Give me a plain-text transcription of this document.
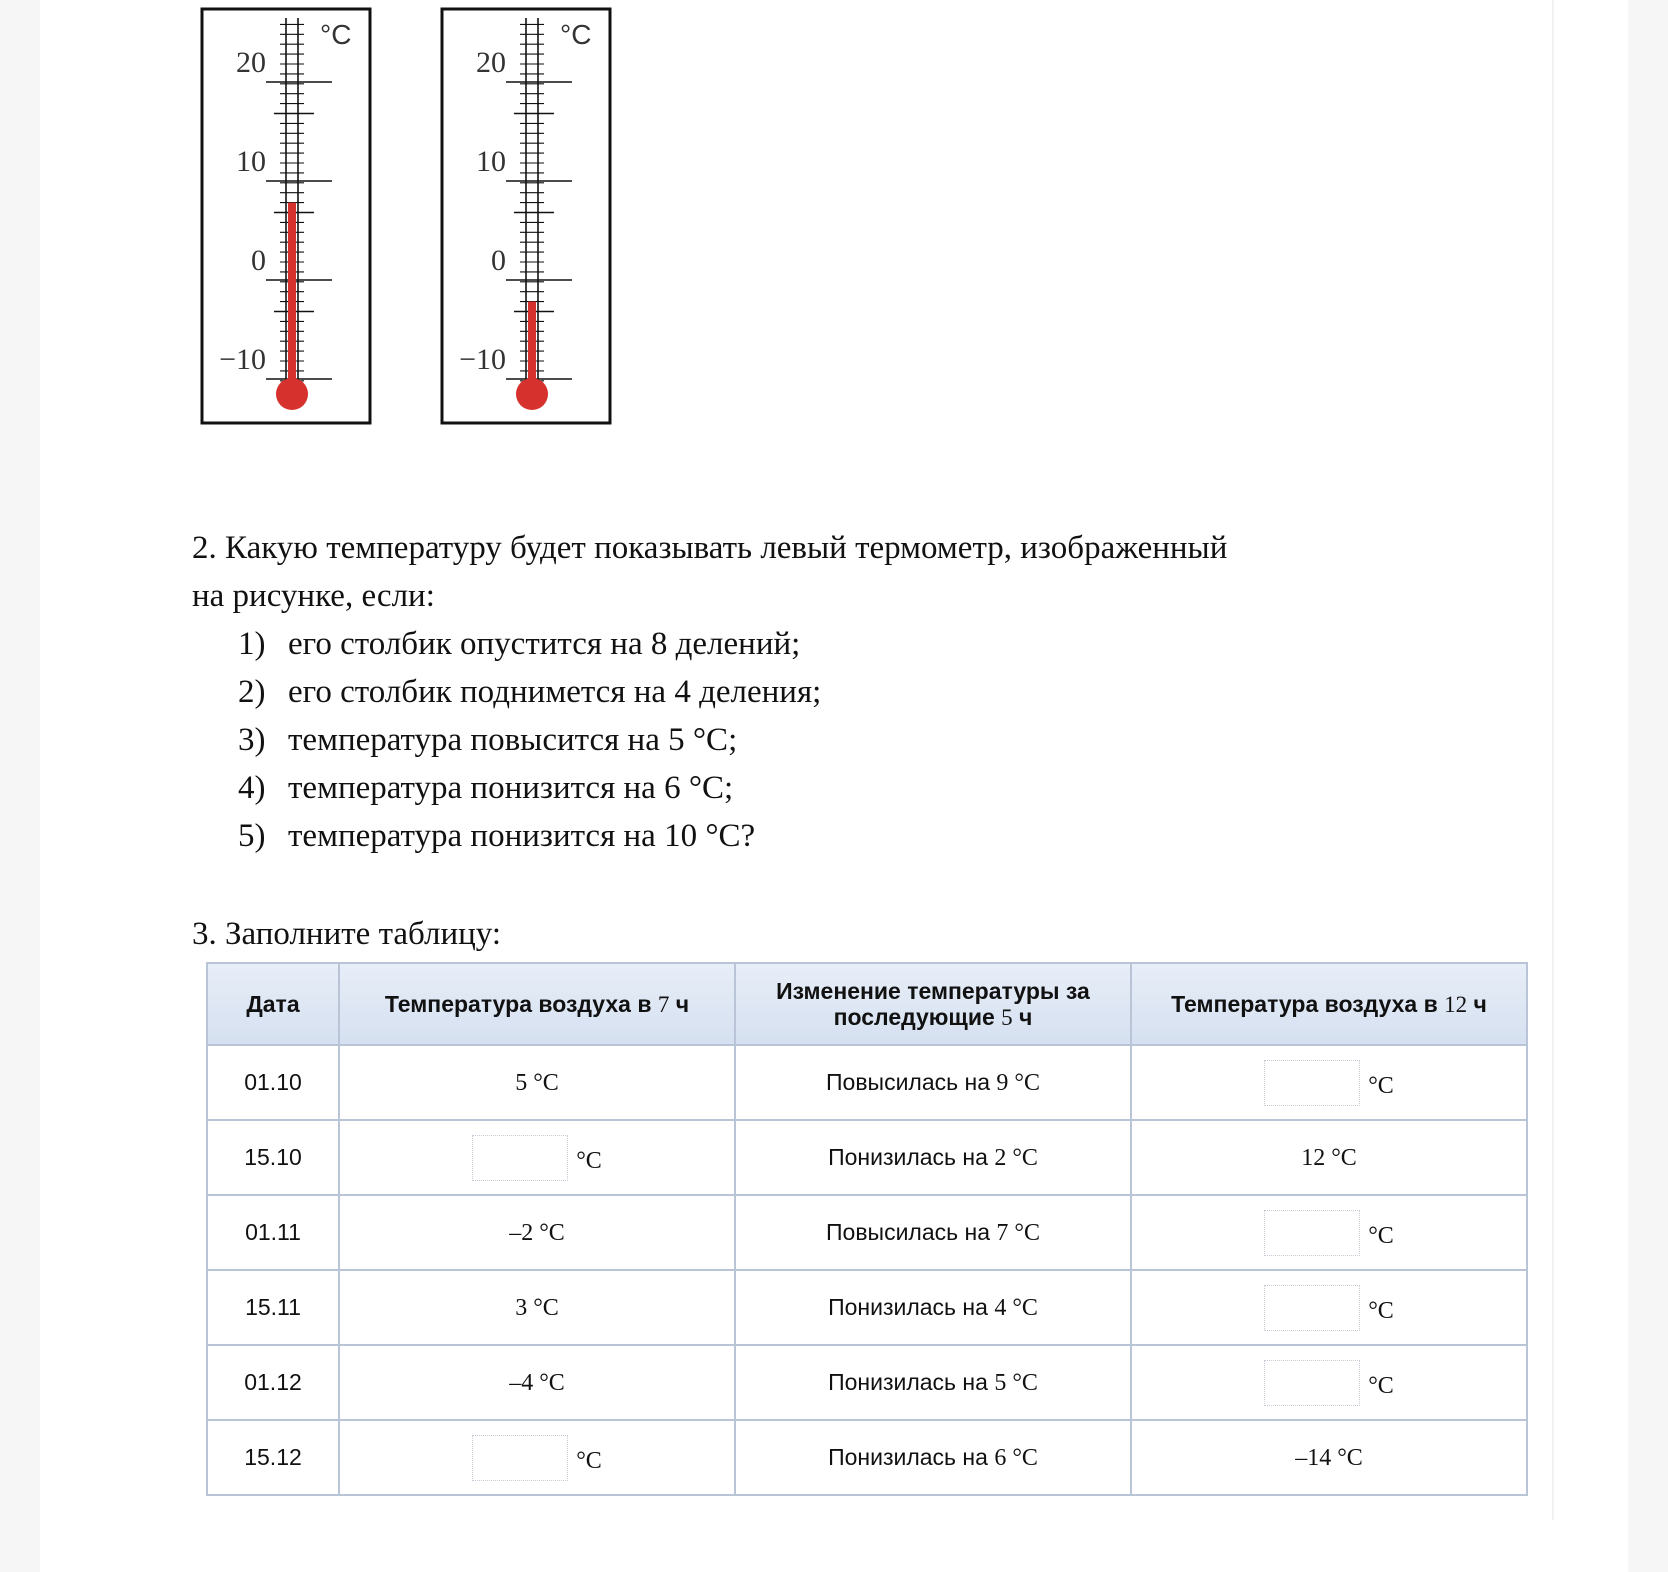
20
10
0
−10
°C
20
10
0
−10
°C
2. Какую температуру будет показывать левый термометр, изображенный
на рисунке, если:
1) его столбик опустится на 8 делений;
2) его столбик поднимется на 4 деления;
3) температура повысится на 5 °С;
4) температура понизится на 6 °С;
5) температура понизится на 10 °С?
3. Заполните таблицу:
Дата	Температура воздуха в 7 ч	Изменение температуры за
последующие 5 ч	Температура воздуха в 12 ч
01.10	5 °С	Повысилась на 9 °С	°С

15.10	°С	Понизилась на 2 °С	12 °С
01.11	–2 °С	Повысилась на 7 °С	°С

15.11	3 °С	Понизилась на 4 °С	°С

01.12	–4 °С	Понизилась на 5 °С	°С

15.12	°С	Понизилась на 6 °С	–14 °С
